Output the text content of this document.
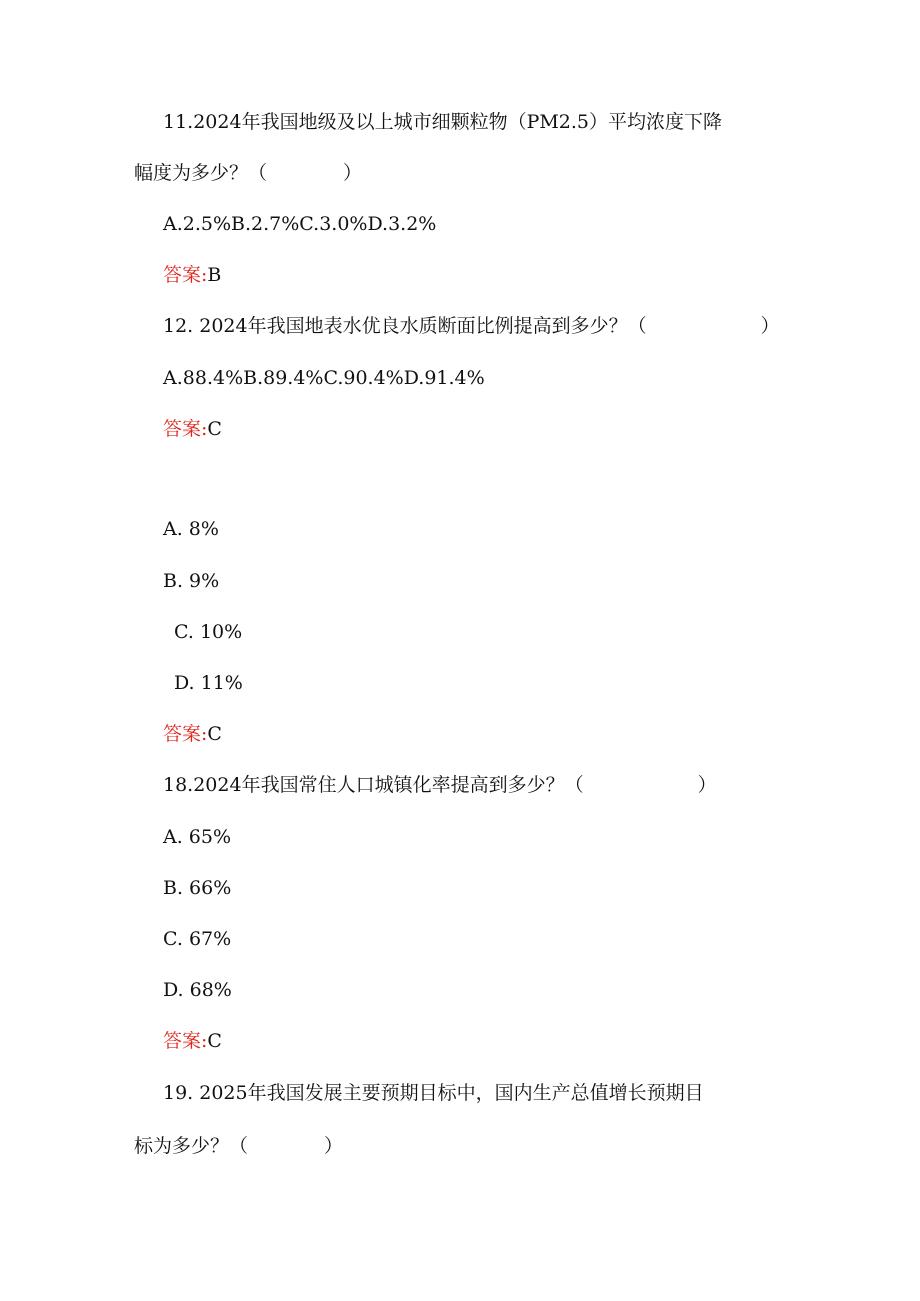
11.2024年我国地级及以上城市细颗粒物（PM2.5）平均浓度下降
幅度为多少？（　　　　）
A.2.5%B.2.7%C.3.0%D.3.2%
答案:B
12. 2024年我国地表水优良水质断面比例提高到多少？（　　　　　　）
A.88.4%B.89.4%C.90.4%D.91.4%
答案:C
A. 8%
B. 9%
C. 10%
D. 11%
答案:C
18.2024年我国常住人口城镇化率提高到多少？（　　　　　　）
A. 65%
B. 66%
C. 67%
D. 68%
答案:C
19. 2025年我国发展主要预期目标中，国内生产总值增长预期目
标为多少？（　　　　）
